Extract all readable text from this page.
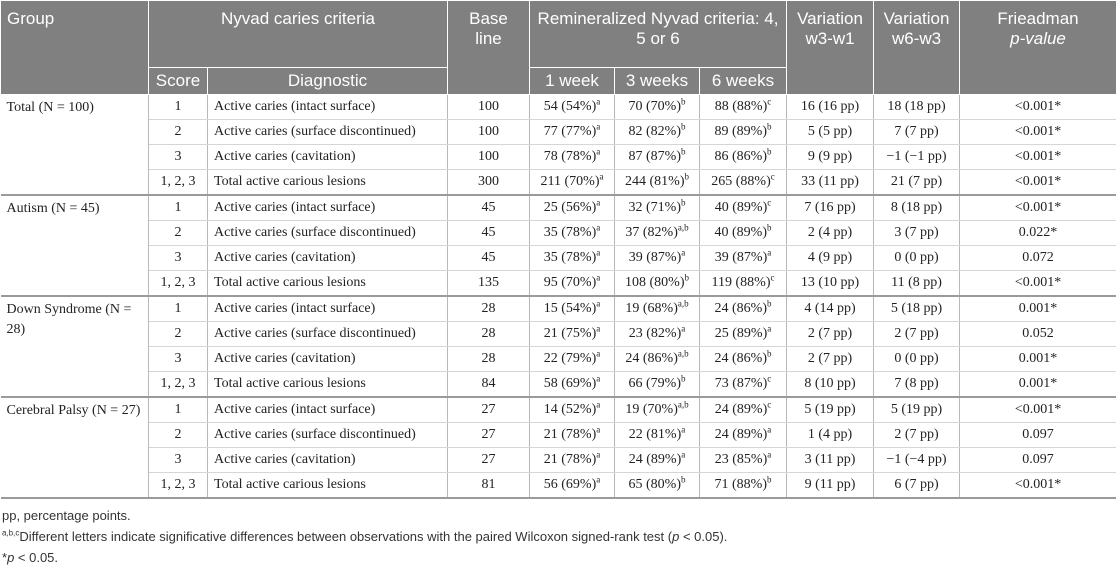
Group	Nyvad caries criteria		Base line	Remineralized Nyvad criteria: 4, 5 or 6			Variation w3-w1	Variation w6-w3	Frieadman
p-value
	Score	Diagnostic		1 week	3 weeks	6 weeks			
Total (N = 100)	1	Active caries (intact surface)	100	54 $(54\%)^a$	70 $(70\%)^b$	88 $(88\%)^c$	16 (16 pp)	18 (18 pp)	<0.001*
	2	Active caries (surface discontinued)	100	77 $(77\%)^a$	82 $(82\%)^b$	89 $(89\%)^b$	5 (5 pp)	7 (7 pp)	<0.001*
	3	Active caries (cavitation)	100	78 $(78\%)^a$	87 $(87\%)^b$	86 $(86\%)^b$	9 (9 pp)	−1 (−1 pp)	<0.001*
	1, 2, 3	Total active carious lesions	300	211 $(70\%)^a$	244 $(81\%)^b$	265 $(88\%)^c$	33 (11 pp)	21 (7 pp)	<0.001*
Autism (N = 45)	1	Active caries (intact surface)	45	25 $(56\%)^a$	32 $(71\%)^b$	40 $(89\%)^c$	7 (16 pp)	8 (18 pp)	<0.001*
	2	Active caries (surface discontinued)	45	35 $(78\%)^a$	37 $(82\%)^{a,b}$	40 $(89\%)^b$	2 (4 pp)	3 (7 pp)	0.022*
	3	Active caries (cavitation)	45	35 $(78\%)^a$	39 $(87\%)^a$	39 $(87\%)^a$	4 (9 pp)	0 (0 pp)	0.072
	1, 2, 3	Total active carious lesions	135	95 $(70\%)^a$	108 $(80\%)^b$	119 $(88\%)^c$	13 (10 pp)	11 (8 pp)	<0.001*
Down Syndrome (N = 28)	1	Active caries (intact surface)	28	15 $(54\%)^a$	19 $(68\%)^{a,b}$	24 $(86\%)^b$	4 (14 pp)	5 (18 pp)	0.001*
	2	Active caries (surface discontinued)	28	21 $(75\%)^a$	23 $(82\%)^a$	25 $(89\%)^a$	2 (7 pp)	2 (7 pp)	0.052
	3	Active caries (cavitation)	28	22 $(79\%)^a$	24 $(86\%)^{a,b}$	24 $(86\%)^b$	2 (7 pp)	0 (0 pp)	0.001*
	1, 2, 3	Total active carious lesions	84	58 $(69\%)^a$	66 $(79\%)^b$	73 $(87\%)^c$	8 (10 pp)	7 (8 pp)	0.001*
Cerebral Palsy (N = 27)	1	Active caries (intact surface)	27	14 $(52\%)^a$	19 $(70\%)^{a,b}$	24 $(89\%)^c$	5 (19 pp)	5 (19 pp)	<0.001*
	2	Active caries (surface discontinued)	27	21 $(78\%)^a$	22 $(81\%)^a$	24 $(89\%)^a$	1 (4 pp)	2 (7 pp)	0.097
	3	Active caries (cavitation)	27	21 $(78\%)^a$	24 $(89\%)^a$	23 $(85\%)^a$	3 (11 pp)	−1 (−4 pp)	0.097
	1, 2, 3	Total active carious lesions	81	56 $(69\%)^a$	65 $(80\%)^b$	71 $(88\%)^b$	9 (11 pp)	6 (7 pp)	<0.001*
pp, percentage points.
$^{a,b,c}$Different letters indicate significative differences between observations with the paired Wilcoxon signed-rank test (p < 0.05).
*p < 0.05.
